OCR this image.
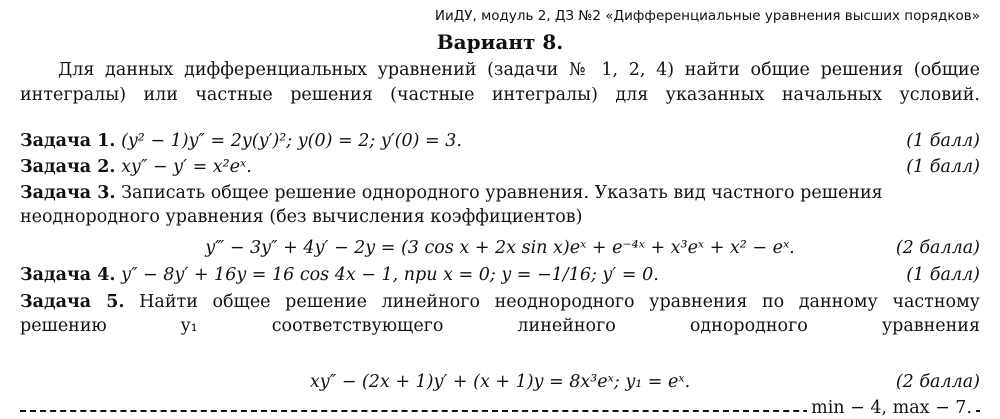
ИиДУ, модуль 2, ДЗ №2 «Дифференциальные уравнения высших порядков»
Вариант 8.
Для данных дифференциальных уравнений (задачи № 1, 2, 4) найти общие решения (общие интегралы) или частные решения (частные интегралы) для указанных начальных условий.
Задача 1. (y² − 1)y″ = 2y(y′)²; y(0) = 2; y′(0) = 3.	(1 балл)
Задача 2. xy″ − y′ = x²eˣ.	(1 балл)
Задача 3. Записать общее решение однородного уравнения. Указать вид частного решения неоднородного уравнения (без вычисления коэффициентов)
y‴ − 3y″ + 4y′ − 2y = (3 cos x + 2x sin x)eˣ + e⁻⁴ˣ + x³eˣ + x² − eˣ.	(2 балла)
Задача 4. y″ − 8y′ + 16y = 16 cos 4x − 1, при x = 0; y = −1/16; y′ = 0.	(1 балл)
Задача 5. Найти общее решение линейного неоднородного уравнения по данному частному решению y₁ соответствующего линейного однородного уравнения
xy″ − (2x + 1)y′ + (x + 1)y = 8x³eˣ; y₁ = eˣ.	(2 балла)
min − 4, max − 7.
